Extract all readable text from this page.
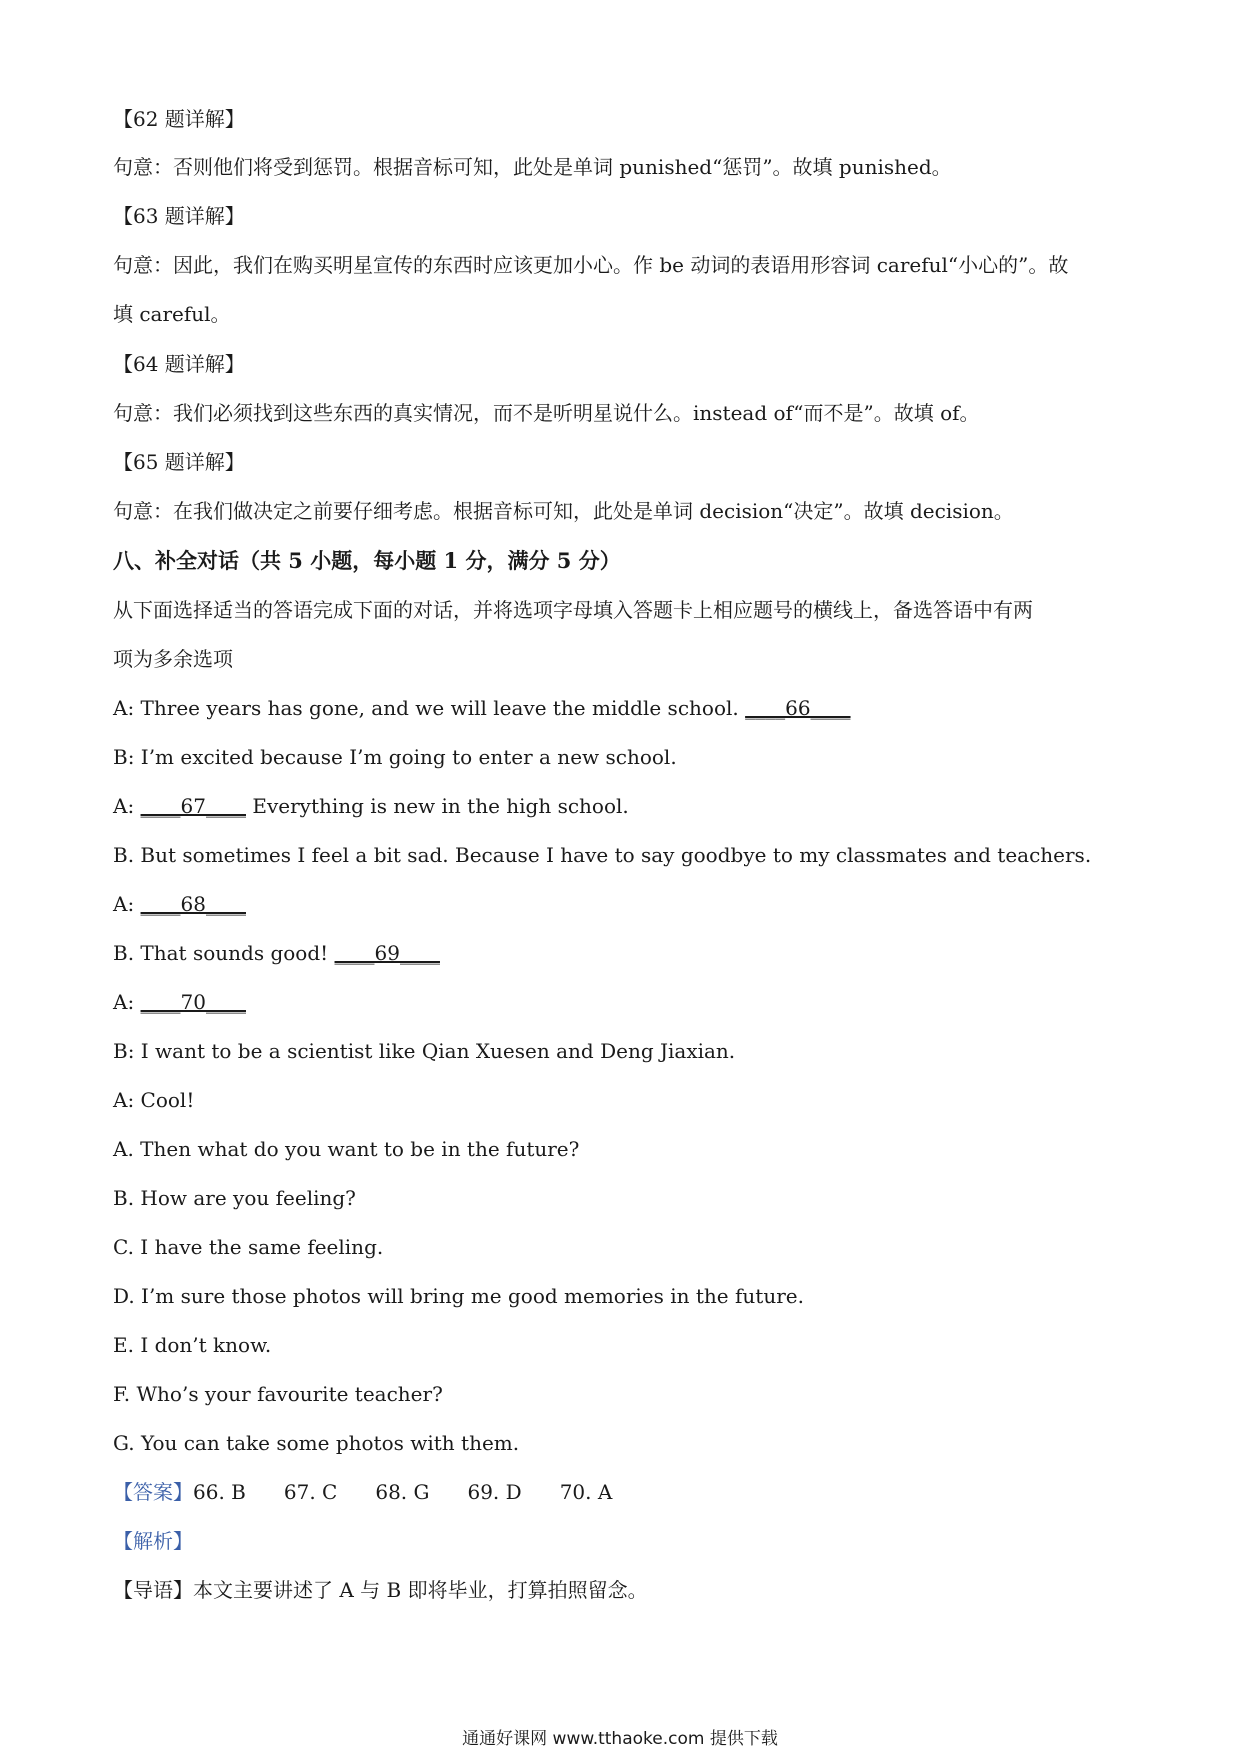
【62 题详解】
句意：否则他们将受到惩罚。根据音标可知，此处是单词 punished“惩罚”。故填 punished。
【63 题详解】
句意：因此，我们在购买明星宣传的东西时应该更加小心。作 be 动词的表语用形容词 careful“小心的”。故
填 careful。
【64 题详解】
句意：我们必须找到这些东西的真实情况，而不是听明星说什么。instead of“而不是”。故填 of。
【65 题详解】
句意：在我们做决定之前要仔细考虑。根据音标可知，此处是单词 decision“决定”。故填 decision。
八、补全对话（共 5 小题，每小题 1 分，满分 5 分）
从下面选择适当的答语完成下面的对话，并将选项字母填入答题卡上相应题号的横线上，备选答语中有两
项为多余选项
A: Three years has gone, and we will leave the middle school. ____66____
B: I’m excited because I’m going to enter a new school.
A: ____67____ Everything is new in the high school.
B. But sometimes I feel a bit sad. Because I have to say goodbye to my classmates and teachers.
A: ____68____
B. That sounds good! ____69____
A: ____70____
B: I want to be a scientist like Qian Xuesen and Deng Jiaxian.
A: Cool!
A. Then what do you want to be in the future?
B. How are you feeling?
C. I have the same feeling.
D. I’m sure those photos will bring me good memories in the future.
E. I don’t know.
F. Who’s your favourite teacher?
G. You can take some photos with them.
【答案】66. B 67. C 68. G 69. D 70. A
【解析】
【导语】本文主要讲述了 A 与 B 即将毕业，打算拍照留念。
通通好课网 www.tthaoke.com 提供下载
